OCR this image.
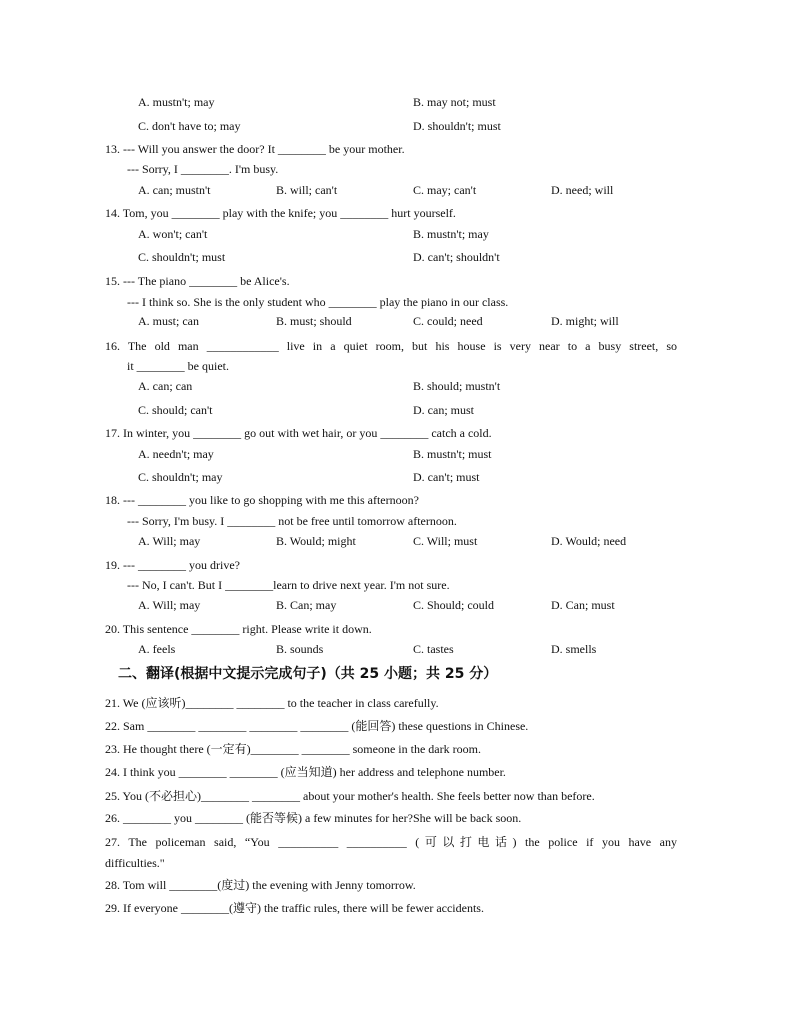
A. mustn't; may	B. may not; must
C. don't have to; may	D. shouldn't; must
13. --- Will you answer the door? It ________ be your mother.
--- Sorry, I ________. I'm busy.
A. can; mustn't	B. will; can't	C. may; can't	D. need; will
14. Tom, you ________ play with the knife; you ________ hurt yourself.
A. won't; can't	B. mustn't; may
C. shouldn't; must	D. can't; shouldn't
15. --- The piano ________ be Alice's.
--- I think so. She is the only student who ________ play the piano in our class.
A. must; can	B. must; should	C. could; need	D. might; will
16. The old man ____________ live in a quiet room, but his house is very near to a busy street, so
it ________ be quiet.
A. can; can	B. should; mustn't
C. should; can't	D. can; must
17. In winter, you ________ go out with wet hair, or you ________ catch a cold.
A. needn't; may	B. mustn't; must
C. shouldn't; may	D. can't; must
18. --- ________ you like to go shopping with me this afternoon?
--- Sorry, I'm busy. I ________ not be free until tomorrow afternoon.
A. Will; may	B. Would; might	C. Will; must	D. Would; need
19. --- ________ you drive?
--- No, I can't. But I ________learn to drive next year. I'm not sure.
A. Will; may	B. Can; may	C. Should; could	D. Can; must
20. This sentence ________ right. Please write it down.
A. feels	B. sounds	C. tastes	D. smells
二、翻译(根据中文提示完成句子)（共 25 小题；共 25 分）
21. We (应该听)________ ________ to the teacher in class carefully.
22. Sam ________ ________ ________ ________ (能回答) these questions in Chinese.
23. He thought there (一定有)________ ________ someone in the dark room.
24. I think you ________ ________ (应当知道) her address and telephone number.
25. You (不必担心)________ ________ about your mother's health. She feels better now than before.
26. ________ you ________ (能否等候) a few minutes for her?She will be back soon.
27. The policeman said, “You __________ __________ (可以打电话) the police if you have any
difficulties."
28. Tom will ________(度过) the evening with Jenny tomorrow.
29. If everyone ________(遵守) the traffic rules, there will be fewer accidents.
